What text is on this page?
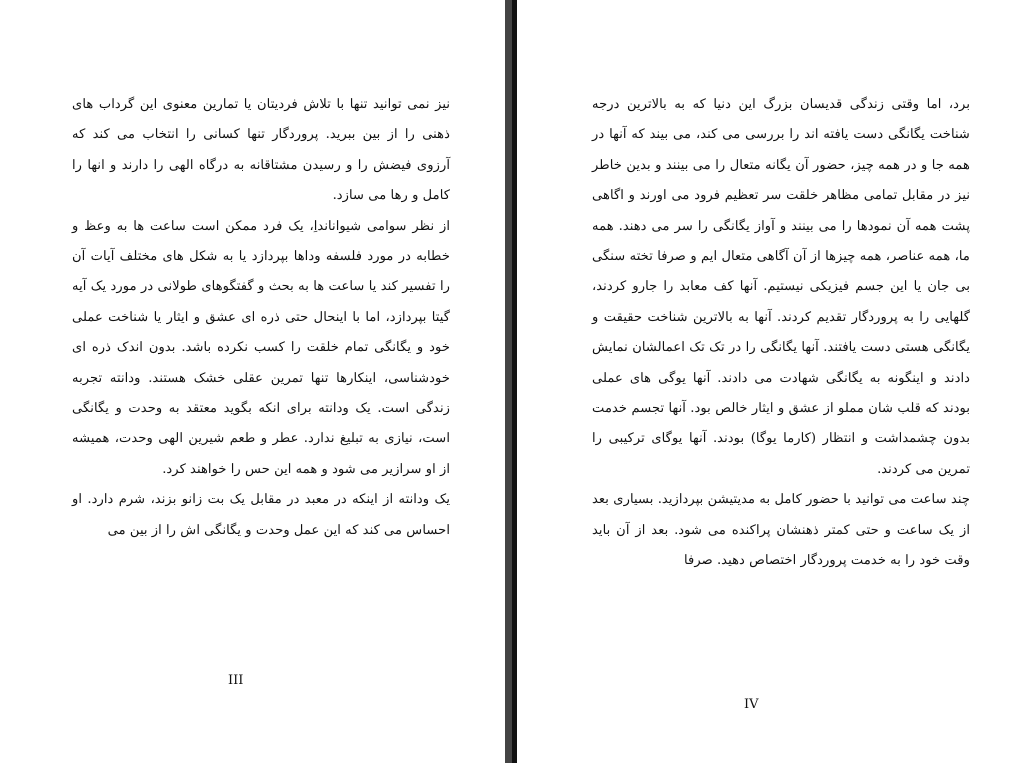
نیز نمی توانید تنها با تلاش فردیتان یا تمارین معنوی این گرداب های ذهنی را از بین ببرید. پروردگار تنها کسانی را انتخاب می کند که آرزوی فیضش را و رسیدن مشتاقانه به درگاه الهی را دارند و انها را کامل و رها می سازد.

از نظر سوامی شیوانانداِ، یک فرد ممکن است ساعت ها به وعظ و خطابه در مورد فلسفه وداها بپردازد یا به شکل های مختلف آیات آن را تفسیر کند یا ساعت ها به بحث و گفتگوهای طولانی در مورد یک آیه گیتا بپردازد، اما با اینحال حتی ذره ای عشق و ایثار یا شناخت عملی خود و یگانگی تمام خلقت را کسب نکرده باشد. بدون اندک ذره ای خودشناسی، اینکارها تنها تمرین عقلی خشک هستند. ودانته تجربه زندگی است. یک ودانته برای انکه بگوید معتقد به وحدت و یگانگی است، نیازی به تبلیغ ندارد. عطر و طعم شیرین الهی وحدت، همیشه از او سرازیر می شود و همه این حس را خواهند کرد.

یک ودانته از اینکه در معبد در مقابل یک بت زانو بزند، شرم دارد. او احساس می کند که این عمل وحدت و یگانگی اش را از بین می

III

برد، اما وقتی زندگی قدیسان بزرگ این دنیا که به بالاترین درجه شناخت یگانگی دست یافته اند را بررسی می کند، می بیند که آنها در همه جا و در همه چیز، حضور آن یگانه متعال را می بینند و بدین خاطر نیز در مقابل تمامی مظاهر خلقت سر تعظیم فرود می اورند و اگاهی پشت همه آن نمودها را می بینند و آواز یگانگی را سر می دهند. همه ما، همه عناصر، همه چیزها از آن آگاهی متعال ایم و صرفا تخته سنگی بی جان یا این جسم فیزیکی نیستیم. آنها کف معابد را جارو کردند، گلهایی را به پروردگار تقدیم کردند. آنها به بالاترین شناخت حقیقت و یگانگی هستی دست یافتند. آنها یگانگی را در تک تک اعمالشان نمایش دادند و اینگونه به یگانگی شهادت می دادند. آنها یوگی های عملی بودند که قلب شان مملو از عشق و ایثار خالص بود. آنها تجسم خدمت بدون چشمداشت و انتظار (کارما یوگا) بودند. آنها یوگای ترکیبی را تمرین می کردند.

چند ساعت می توانید با حضور کامل به مدیتیشن بپردازید. بسیاری بعد از یک ساعت و حتی کمتر ذهنشان پراکنده می شود. بعد از آن باید وقت خود را به خدمت پروردگار اختصاص دهید. صرفا

IV
